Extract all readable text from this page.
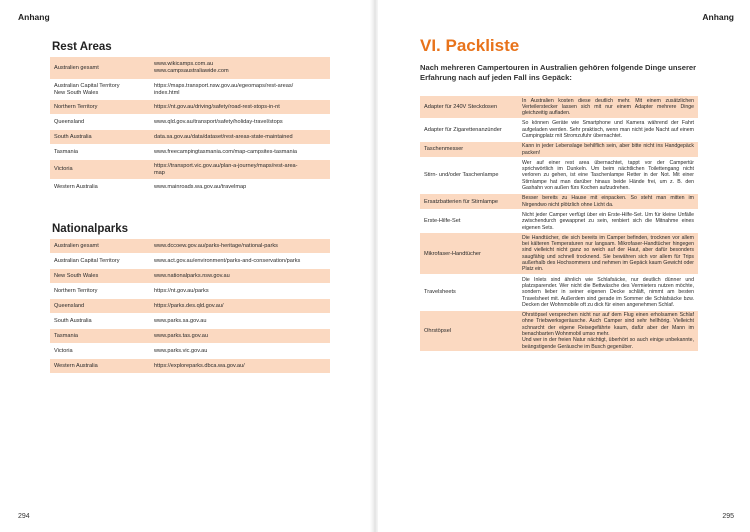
Anhang
Rest Areas
Australien gesamt	www.wikicamps.com.au
www.campsaustraliawide.com
Australian Capital Territory
New South Wales	https://maps.transport.nsw.gov.au/egeomaps/rest-areas/
index.html
Northern Territory	https://nt.gov.au/driving/safety/road-rest-stops-in-nt
Queensland	www.qld.gov.au/transport/safety/holiday-travel/stops
South Australia	data.sa.gov.au/data/dataset/rest-areas-state-maintained
Tasmania	www.freecampingtasmania.com/map-campsites-tasmania
Victoria	https://transport.vic.gov.au/plan-a-journey/maps/rest-area-
map
Western Australia	www.mainroads.wa.gov.au/travelmap
Nationalparks
Australien gesamt	www.dccoew.gov.au/parks-heritage/national-parks
Australian Capital Territory	www.act.gov.au/environment/parks-and-conservation/parks
New South Wales	www.nationalparks.nsw.gov.au
Northern Territory	https://nt.gov.au/parks
Queensland	https://parks.des.qld.gov.au/
South Australia	www.parks.sa.gov.au
Tasmania	www.parks.tas.gov.au
Victoria	www.parks.vic.gov.au
Western Australia	https://exploreparks.dbca.wa.gov.au/
294
Anhang
295
VI. Packliste
Nach mehreren Campertouren in Australien gehören folgende Dinge unserer Erfahrung nach auf jeden Fall ins Gepäck:
Adapter für 240V Steckdosen	In Australien kosten diese deutlich mehr. Mit einem zusätzlichen Verteilerstecker lassen sich mit nur einem Adapter mehrere Dinge gleichzeitig aufladen.
Adapter für Zigarettenanzünder	So können Geräte wie Smartphone und Kamera während der Fahrt aufgeladen werden. Sehr praktisch, wenn man nicht jede Nacht auf einem Campingplatz mit Stromzufuhr übernachtet.
Taschenmesser	Kann in jeder Lebenslage behilflich sein, aber bitte nicht ins Handgepäck packen!
Stirn- und/oder Taschenlampe	Wer auf einer rest area übernachtet, tappt vor der Campertür sprichwörtlich im Dunkeln. Um beim nächtlichen Toilettengang nicht verloren zu gehen, ist eine Taschenlampe Retter in der Not. Mit einer Stirnlampe hat man darüber hinaus beide Hände frei, um z. B. den Gashahn von außen fürs Kochen aufzudrehen.
Ersatzbatterien für Stirnlampe	Besser bereits zu Hause mit einpacken. So steht man mitten im Nirgendwo nicht plötzlich ohne Licht da.
Erste-Hilfe-Set	Nicht jeder Camper verfügt über ein Erste-Hilfe-Set. Um für kleine Unfälle zwischendurch gewappnet zu sein, renbiert sich die Mitnahme eines eigenen Sets.
Mikrofaser-Handtücher	Die Handtücher, die sich bereits im Camper befinden, trocknen vor allem bei kälteren Temperaturen nur langsam. Mikrofaser-Handtücher hingegen sind vielleicht nicht ganz so weich auf der Haut, aber dafür besonders saugfähig und schnell trocknend. Sie bewähren sich vor allem für Trips außerhalb des Hochsommers und nehmen im Gepäck kaum Gewicht oder Platz ein.
Travelsheets	Die Inlets sind ähnlich wie Schlafsäcke, nur deutlich dünner und platzsparender. Wer nicht die Bettwäsche des Vermieters nutzen möchte, sondern lieber in seiner eigenen Decke schläft, nimmt am besten Travelsheet mit. Außerdem sind gerade im Sommer die Schlafsäcke bzw. Decken der Wohnmobile oft zu dick für einen angenehmen Schlaf.
Ohrstöpsel	Ohrstöpsel versprechen nicht nur auf dem Flug einen erholsamen Schlaf ohne Triebwerksgeräusche. Auch Camper sind sehr hellhörig. Vielleicht schnarcht der eigene Reisegefährte kaum, dafür aber der Mann im benachbarten Wohnmobil umso mehr.
Und wer in der freien Natur nächtigt, überhört so auch einige unbekannte, beängstigende Geräusche im Busch gegenüber.
